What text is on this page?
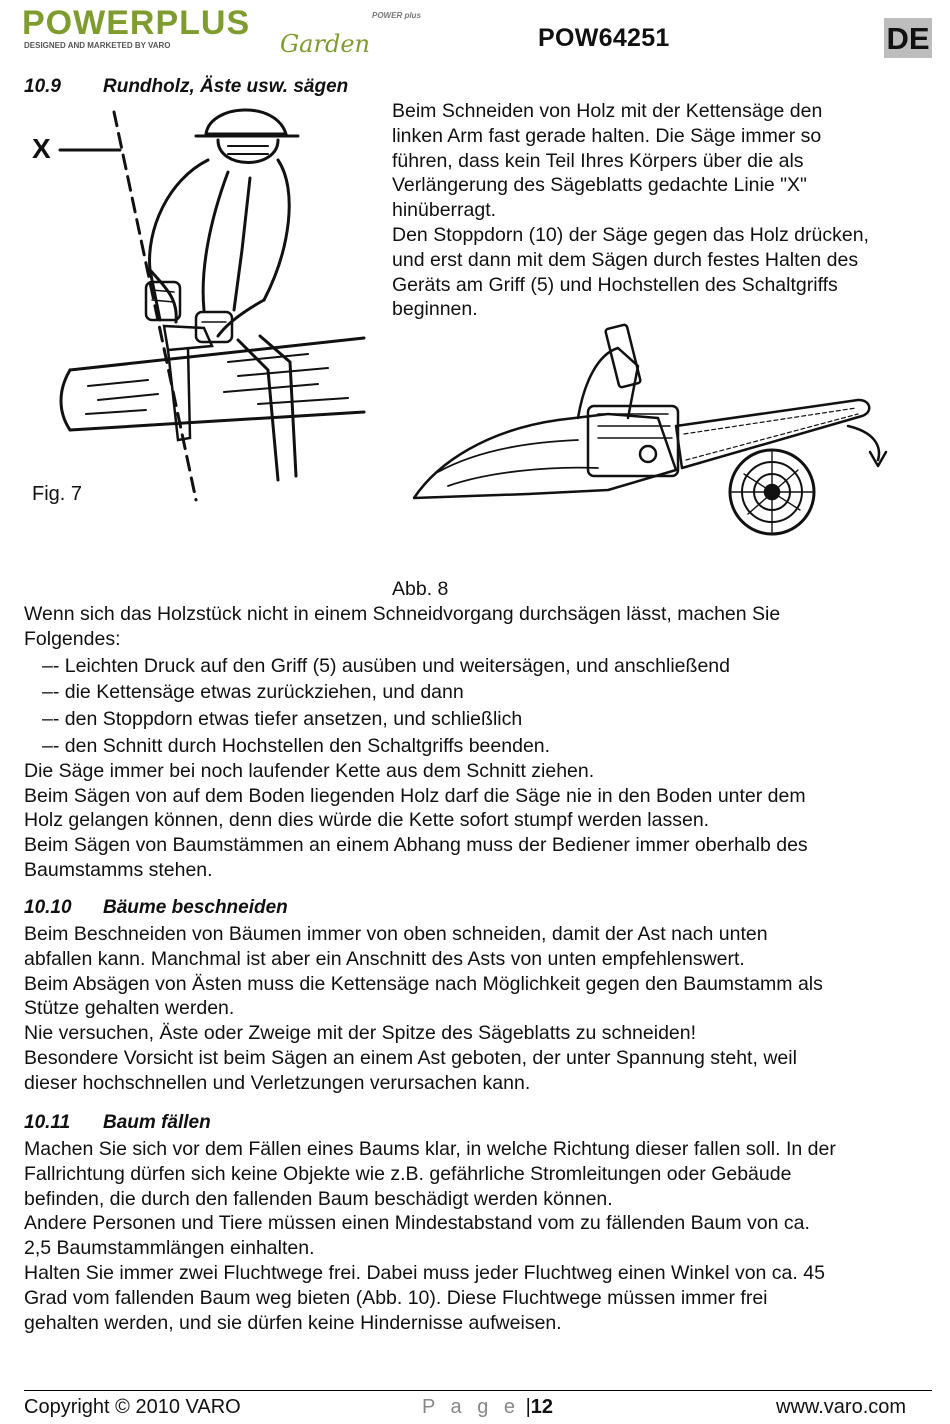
POWERPLUS
Garden
DESIGNED AND MARKETED BY VARO
POWER plus
POW64251	DE
10.9 Rundholz, Äste usw. sägen

Beim Schneiden von Holz mit der Kettensäge den

linken Arm fast gerade halten. Die Säge immer so

führen, dass kein Teil Ihres Körpers über die als

Verlängerung des Sägeblatts gedachte Linie "X"

hinüberragt.

Den Stoppdorn (10) der Säge gegen das Holz drücken,

und erst dann mit dem Sägen durch festes Halten des

Geräts am Griff (5) und Hochstellen des Schaltgriffs

beginnen.

X
Fig. 7
Abb. 8

Wenn sich das Holzstück nicht in einem Schneidvorgang durchsägen lässt, machen Sie

Folgendes:

–- Leichten Druck auf den Griff (5) ausüben und weitersägen, und anschließend

–- die Kettensäge etwas zurückziehen, und dann

–- den Stoppdorn etwas tiefer ansetzen, und schließlich

–- den Schnitt durch Hochstellen den Schaltgriffs beenden.

Die Säge immer bei noch laufender Kette aus dem Schnitt ziehen.

Beim Sägen von auf dem Boden liegenden Holz darf die Säge nie in den Boden unter dem

Holz gelangen können, denn dies würde die Kette sofort stumpf werden lassen.

Beim Sägen von Baumstämmen an einem Abhang muss der Bediener immer oberhalb des

Baumstamms stehen.

10.10 Bäume beschneiden

Beim Beschneiden von Bäumen immer von oben schneiden, damit der Ast nach unten

abfallen kann. Manchmal ist aber ein Anschnitt des Asts von unten empfehlenswert.

Beim Absägen von Ästen muss die Kettensäge nach Möglichkeit gegen den Baumstamm als

Stütze gehalten werden.

Nie versuchen, Äste oder Zweige mit der Spitze des Sägeblatts zu schneiden!

Besondere Vorsicht ist beim Sägen an einem Ast geboten, der unter Spannung steht, weil

dieser hochschnellen und Verletzungen verursachen kann.

10.11 Baum fällen

Machen Sie sich vor dem Fällen eines Baums klar, in welche Richtung dieser fallen soll. In der

Fallrichtung dürfen sich keine Objekte wie z.B. gefährliche Stromleitungen oder Gebäude

befinden, die durch den fallenden Baum beschädigt werden können.

Andere Personen und Tiere müssen einen Mindestabstand vom zu fällenden Baum von ca.

2,5 Baumstammlängen einhalten.

Halten Sie immer zwei Fluchtwege frei. Dabei muss jeder Fluchtweg einen Winkel von ca. 45

Grad vom fallenden Baum weg bieten (Abb. 10). Diese Fluchtwege müssen immer frei

gehalten werden, und sie dürfen keine Hindernisse aufweisen.

Copyright © 2010 VARO	P a g e |12	www.varo.com
